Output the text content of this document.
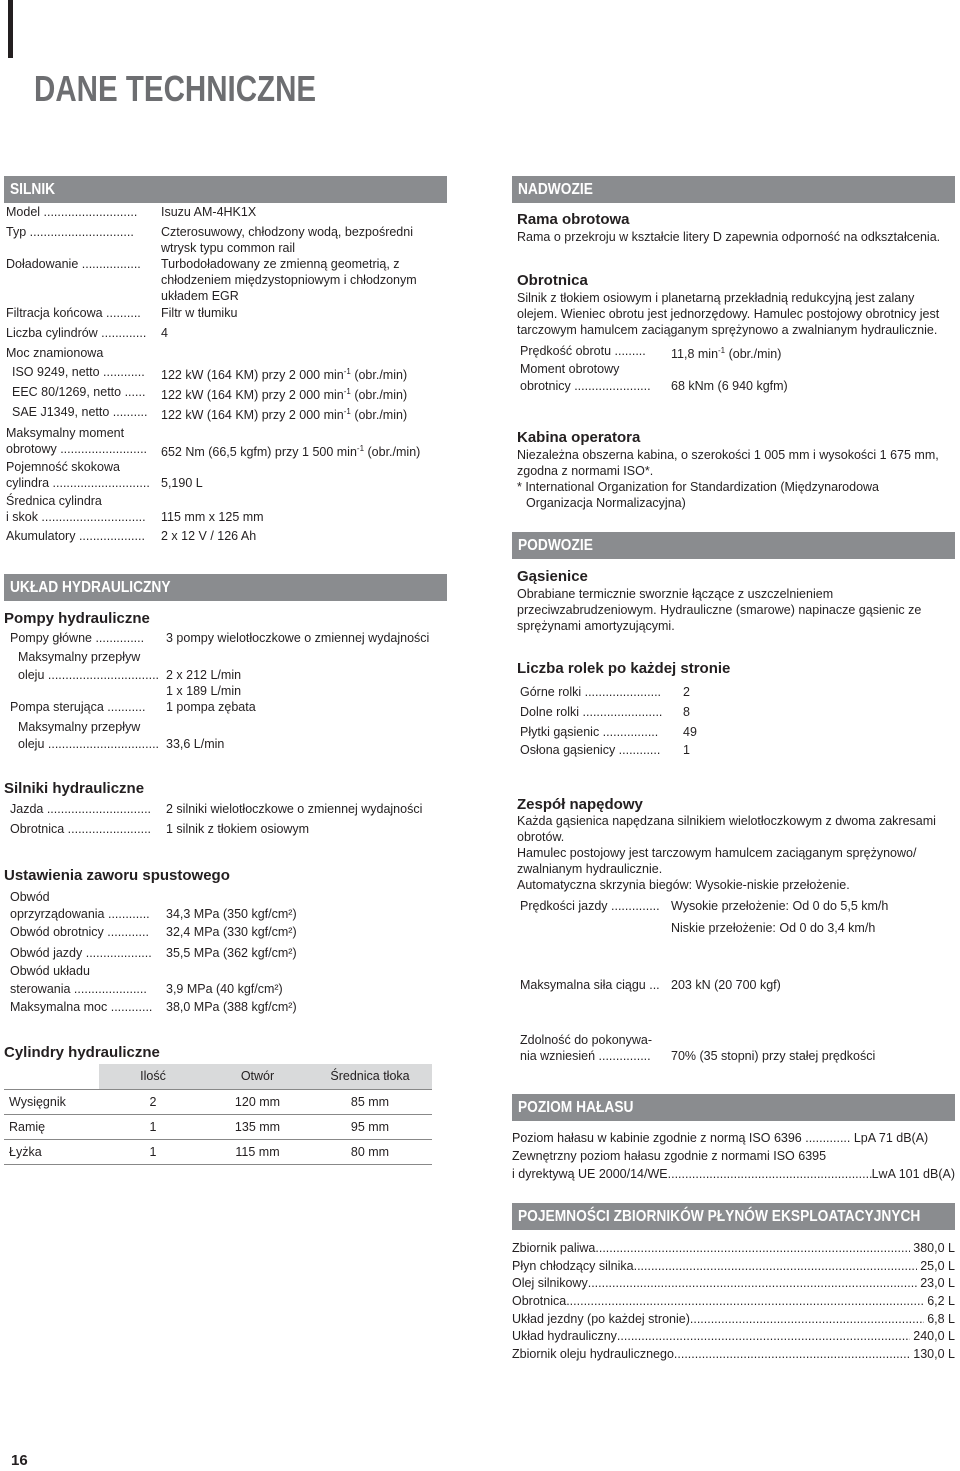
DANE TECHNICZNE
SILNIK
Model ........................... Isuzu AM-4HK1X
Typ .............................. Czterosuwowy, chłodzony wodą, bezpośredni
wtrysk typu common rail
Doładowanie ................. Turbodoładowany ze zmienną geometrią, z
chłodzeniem międzystopniowym i chłodzonym
układem EGR
Filtracja końcowa .......... Filtr w tłumiku
Liczba cylindrów ............. 4
Moc znamionowa
ISO 9249, netto ............ 122 kW (164 KM) przy 2 000 $\min^{-1} (obr./\min)$
EEC 80/1269, netto ...... 122 kW (164 KM) przy 2 000 $\min^{-1} (obr./\min)$
SAE J1349, netto .......... 122 kW (164 KM) przy 2 000 $\min^{-1} (obr./\min)$
Maksymalny moment
obrotowy ......................... 652 Nm (66,5 kgfm) przy 1 500 $\min^{-1} (obr./\min)$
Pojemność skokowa
cylindra ............................ 5,190 L
Średnica cylindra
i skok .............................. 115 mm x 125 mm
Akumulatory ................... 2 x 12 V / 126 Ah
UKŁAD HYDRAULICZNY
Pompy hydrauliczne
Pompy główne .............. 3 pompy wielotłoczkowe o zmiennej wydajności
Maksymalny przepływ
oleju ................................ 2 x 212 L/min
1 x 189 L/min
Pompa sterująca ........... 1 pompa zębata
Maksymalny przepływ
oleju ................................ 33,6 L/min
Silniki hydrauliczne
Jazda .............................. 2 silniki wielotłoczkowe o zmiennej wydajności
Obrotnica ........................ 1 silnik z tłokiem osiowym
Ustawienia zaworu spustowego
Obwód
oprzyrządowania ............ 34,3 MPa (350 kgf/cm²)
Obwód obrotnicy ............ 32,4 MPa (330 kgf/cm²)
Obwód jazdy ................... 35,5 MPa (362 kgf/cm²)
Obwód układu
sterowania ..................... 3,9 MPa (40 kgf/cm²)
Maksymalna moc ............ 38,0 MPa (388 kgf/cm²)
Cylindry hydrauliczne
	Ilość	Otwór	Średnica tłoka
Wysięgnik	2	120 mm	85 mm
Ramię	1	135 mm	95 mm
Łyżka	1	115 mm	80 mm
NADWOZIE
Rama obrotowa
Rama o przekroju w kształcie litery D zapewnia odporność na odkształcenia.
Obrotnica
Silnik z tłokiem osiowym i planetarną przekładnią redukcyjną jest zalany
olejem. Wieniec obrotu jest jednorzędowy. Hamulec postojowy obrotnicy jest
tarczowym hamulcem zaciąganym sprężynowo a zwalnianym hydraulicznie.
Prędkość obrotu ......... 11,8 $\min^{-1} (obr./\min)$
Moment obrotowy
obrotnicy ...................... 68 kNm (6 940 kgfm)
Kabina operatora
Niezależna obszerna kabina, o szerokości 1 005 mm i wysokości 1 675 mm,
zgodna z normami ISO*.
* International Organization for Standardization (Międzynarodowa
Organizacja Normalizacyjna)
PODWOZIE
Gąsienice
Obrabiane termicznie sworznie łączące z uszczelnieniem
przeciwzabrudzeniowym. Hydrauliczne (smarowe) napinacze gąsienic ze
sprężynami amortyzującymi.
Liczba rolek po każdej stronie
Górne rolki ...................... 2
Dolne rolki ....................... 8
Płytki gąsienic ................ 49
Osłona gąsienicy ............ 1
Zespół napędowy
Każda gąsienica napędzana silnikiem wielotłoczkowym z dwoma zakresami
obrotów.
Hamulec postojowy jest tarczowym hamulcem zaciąganym sprężynowo/
zwalnianym hydraulicznie.
Automatyczna skrzynia biegów: Wysokie-niskie przełożenie.
Prędkości jazdy .............. Wysokie przełożenie: Od 0 do 5,5 km/h
Niskie przełożenie: Od 0 do 3,4 km/h
Maksymalna siła ciągu ... 203 kN (20 700 kgf)
Zdolność do pokonywa-
nia wzniesień ............... 70% (35 stopni) przy stałej prędkości
POZIOM HAŁASU
Poziom hałasu w kabinie zgodnie z normą ISO 6396 ............. LpA 71 dB(A)
Zewnętrzny poziom hałasu zgodnie z normami ISO 6395
i dyrektywą UE 2000/14/WE .....	LwA 101 dB(A)
POJEMNOŚCI ZBIORNIKÓW PŁYNÓW EKSPLOATACYJNYCH
Zbiornik paliwa .....	380,0 L
Płyn chłodzący silnika .....	25,0 L
Olej silnikowy .....	23,0 L
Obrotnica .....	6,2 L
Układ jezdny (po każdej stronie) .....	6,8 L
Układ hydrauliczny .....	240,0 L
Zbiornik oleju hydraulicznego .....	130,0 L
16
